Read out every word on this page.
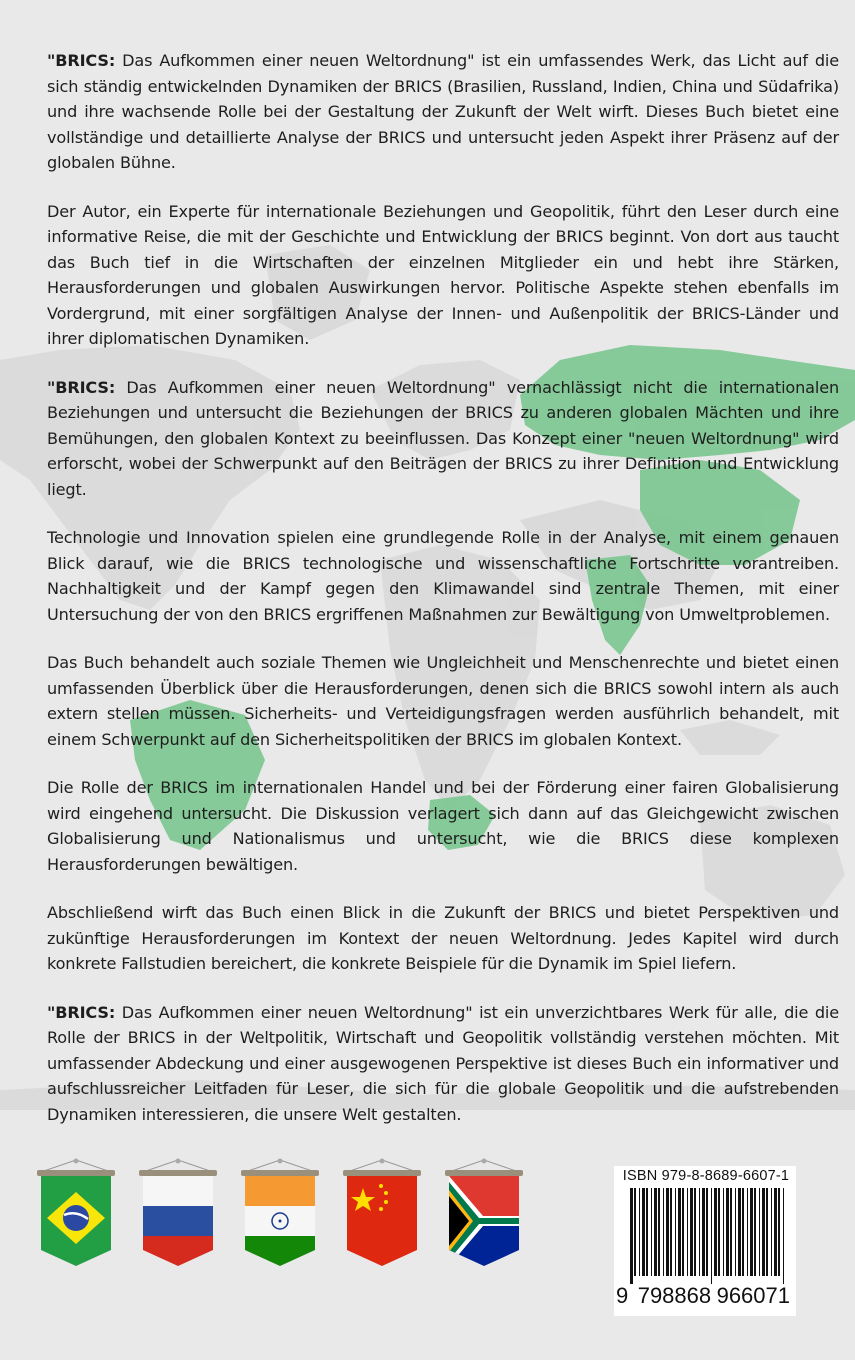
"BRICS: Das Aufkommen einer neuen Weltordnung" ist ein umfassendes Werk, das Licht auf die sich ständig entwickelnden Dynamiken der BRICS (Brasilien, Russland, Indien, China und Südafrika) und ihre wachsende Rolle bei der Gestaltung der Zukunft der Welt wirft. Dieses Buch bietet eine vollständige und detaillierte Analyse der BRICS und untersucht jeden Aspekt ihrer Präsenz auf der globalen Bühne.

Der Autor, ein Experte für internationale Beziehungen und Geopolitik, führt den Leser durch eine informative Reise, die mit der Geschichte und Entwicklung der BRICS beginnt. Von dort aus taucht das Buch tief in die Wirtschaften der einzelnen Mitglieder ein und hebt ihre Stärken, Herausforderungen und globalen Auswirkungen hervor. Politische Aspekte stehen ebenfalls im Vordergrund, mit einer sorgfältigen Analyse der Innen- und Außenpolitik der BRICS-Länder und ihrer diplomatischen Dynamiken.

"BRICS: Das Aufkommen einer neuen Weltordnung" vernachlässigt nicht die internationalen Beziehungen und untersucht die Beziehungen der BRICS zu anderen globalen Mächten und ihre Bemühungen, den globalen Kontext zu beeinflussen. Das Konzept einer "neuen Weltordnung" wird erforscht, wobei der Schwerpunkt auf den Beiträgen der BRICS zu ihrer Definition und Entwicklung liegt.

Technologie und Innovation spielen eine grundlegende Rolle in der Analyse, mit einem genauen Blick darauf, wie die BRICS technologische und wissenschaftliche Fortschritte vorantreiben. Nachhaltigkeit und der Kampf gegen den Klimawandel sind zentrale Themen, mit einer Untersuchung der von den BRICS ergriffenen Maßnahmen zur Bewältigung von Umweltproblemen.

Das Buch behandelt auch soziale Themen wie Ungleichheit und Menschenrechte und bietet einen umfassenden Überblick über die Herausforderungen, denen sich die BRICS sowohl intern als auch extern stellen müssen. Sicherheits- und Verteidigungsfragen werden ausführlich behandelt, mit einem Schwerpunkt auf den Sicherheitspolitiken der BRICS im globalen Kontext.

Die Rolle der BRICS im internationalen Handel und bei der Förderung einer fairen Globalisierung wird eingehend untersucht. Die Diskussion verlagert sich dann auf das Gleichgewicht zwischen Globalisierung und Nationalismus und untersucht, wie die BRICS diese komplexen Herausforderungen bewältigen.

Abschließend wirft das Buch einen Blick in die Zukunft der BRICS und bietet Perspektiven und zukünftige Herausforderungen im Kontext der neuen Weltordnung. Jedes Kapitel wird durch konkrete Fallstudien bereichert, die konkrete Beispiele für die Dynamik im Spiel liefern.

"BRICS: Das Aufkommen einer neuen Weltordnung" ist ein unverzichtbares Werk für alle, die die Rolle der BRICS in der Weltpolitik, Wirtschaft und Geopolitik vollständig verstehen möchten. Mit umfassender Abdeckung und einer ausgewogenen Perspektive ist dieses Buch ein informativer und aufschlussreicher Leitfaden für Leser, die sich für die globale Geopolitik und die aufstrebenden Dynamiken interessieren, die unsere Welt gestalten.

ISBN 979-8-8689-6607-1
9 798868 966071
